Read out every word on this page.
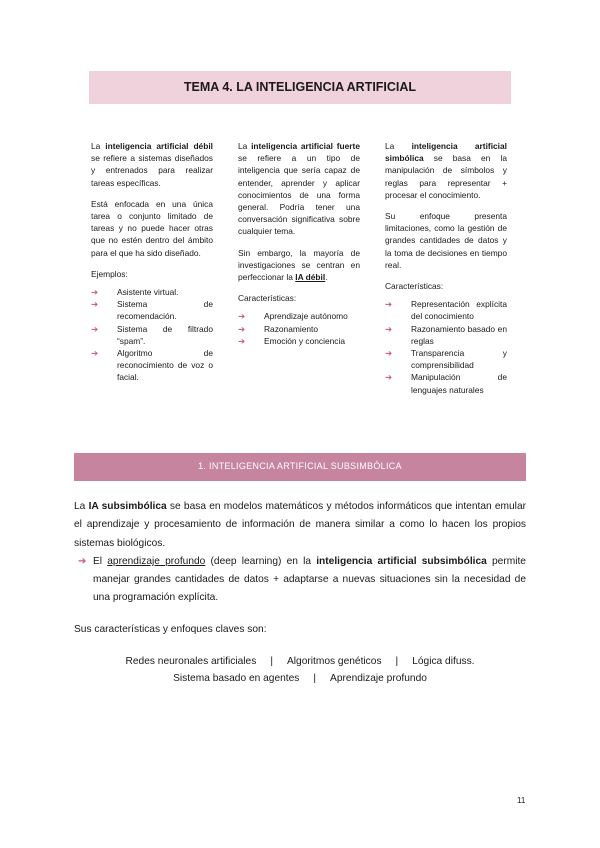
TEMA 4. LA INTELIGENCIA ARTIFICIAL

La inteligencia artificial débil se refiere a sistemas diseñados y entrenados para realizar tareas específicas.

Está enfocada en una única tarea o conjunto limitado de tareas y no puede hacer otras que no estén dentro del ámbito para el que ha sido diseñado.

Ejemplos:

➔ Asistente virtual.
➔ Sistema de recomendación.
➔ Sistema de filtrado “spam”.
➔ Algoritmo de reconocimiento de voz o facial.

La inteligencia artificial fuerte se refiere a un tipo de inteligencia que sería capaz de entender, aprender y aplicar conocimientos de una forma general. Podría tener una conversación significativa sobre cualquier tema.

Sin embargo, la mayoría de investigaciones se centran en perfeccionar la IA débil.

Características:

➔ Aprendizaje autónomo
➔ Razonamiento
➔ Emoción y conciencia

La inteligencia artificial simbólica se basa en la manipulación de símbolos y reglas para representar + procesar el conocimiento.

Su enfoque presenta limitaciones, como la gestión de grandes cantidades de datos y la toma de decisiones en tiempo real.

Características:

➔ Representación explícita del conocimiento
➔ Razonamiento basado en reglas
➔ Transparencia y comprensibilidad
➔ Manipulación de lenguajes naturales
1. INTELIGENCIA ARTIFICIAL SUBSIMBÓLICA

La IA subsimbólica se basa en modelos matemáticos y métodos informáticos que intentan emular el aprendizaje y procesamiento de información de manera similar a como lo hacen los propios sistemas biológicos.

➔ El aprendizaje profundo (deep learning) en la inteligencia artificial subsimbólica permite manejar grandes cantidades de datos + adaptarse a nuevas situaciones sin la necesidad de una programación explícita.

Sus características y enfoques claves son:
Redes neuronales artificiales | Algoritmos genéticos | Lógica difuss.
Sistema basado en agentes | Aprendizaje profundo
11
